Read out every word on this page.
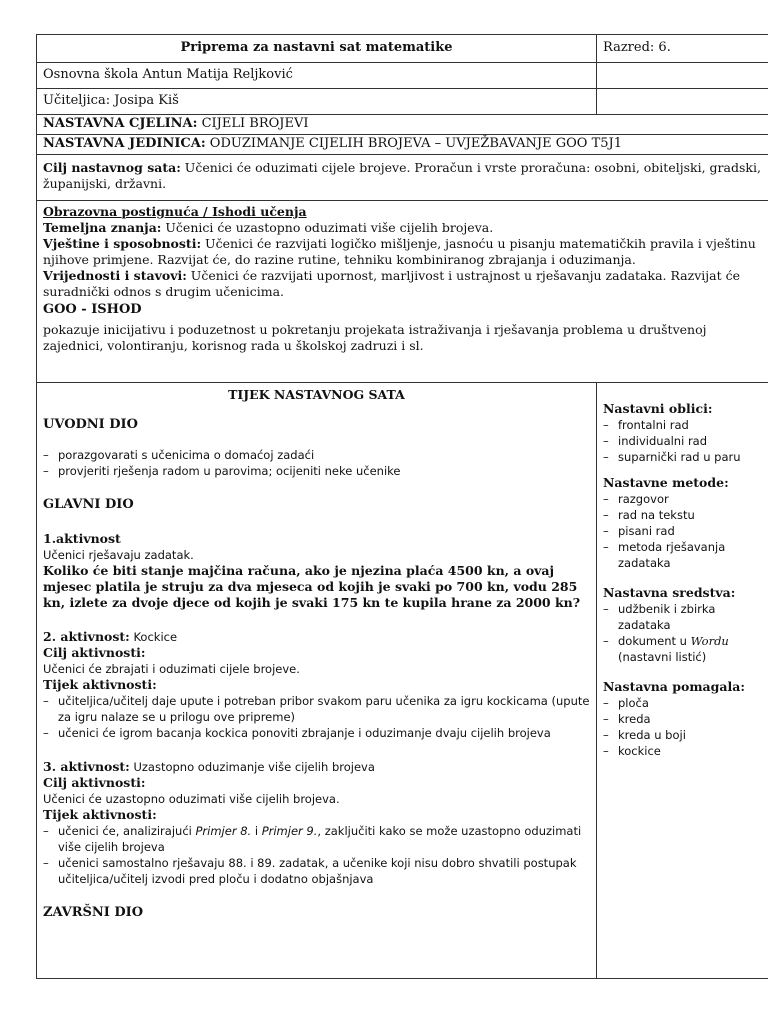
Priprema za nastavni sat matematike	Razred: 6.
Osnovna škola Antun Matija Reljković
Učiteljica: Josipa Kiš
NASTAVNA CJELINA: CIJELI BROJEVI
NASTAVNA JEDINICA: ODUZIMANJE CIJELIH BROJEVA – UVJEŽBAVANJE GOO T5J1
Cilj nastavnog sata: Učenici će oduzimati cijele brojeve. Proračun i vrste proračuna: osobni, obiteljski, gradski, županijski, državni.
Obrazovna postignuća / Ishodi učenja
Temeljna znanja: Učenici će uzastopno oduzimati više cijelih brojeva.
Vještine i sposobnosti: Učenici će razvijati logičko mišljenje, jasnoću u pisanju matematičkih pravila i vještinu njihove primjene. Razvijat će, do razine rutine, tehniku kombiniranog zbrajanja i oduzimanja.
Vrijednosti i stavovi: Učenici će razvijati upornost, marljivost i ustrajnost u rješavanju zadataka. Razvijat će suradnički odnos s drugim učenicima.
GOO - ISHOD
pokazuje inicijativu i poduzetnost u pokretanju projekata istraživanja i rješavanja problema u društvenoj zajednici, volontiranju, korisnog rada u školskoj zadruzi i sl.
TIJEK NASTAVNOG SATA
UVODNI DIO
– porazgovarati s učenicima o domaćoj zadaći
– provjeriti rješenja radom u parovima; ocijeniti neke učenike
GLAVNI DIO
1.aktivnost
Učenici rješavaju zadatak.
Koliko će biti stanje majčina računa, ako je njezina plaća 4500 kn, a ovaj mjesec platila je struju za dva mjeseca od kojih je svaki po 700 kn, vodu 285 kn, izlete za dvoje djece od kojih je svaki 175 kn te kupila hrane za 2000 kn?
2. aktivnost: Kockice
Cilj aktivnosti:
Učenici će zbrajati i oduzimati cijele brojeve.
Tijek aktivnosti:
– učiteljica/učitelj daje upute i potreban pribor svakom paru učenika za igru kockicama (upute za igru nalaze se u prilogu ove pripreme)
– učenici će igrom bacanja kockica ponoviti zbrajanje i oduzimanje dvaju cijelih brojeva
3. aktivnost: Uzastopno oduzimanje više cijelih brojeva
Cilj aktivnosti:
Učenici će uzastopno oduzimati više cijelih brojeva.
Tijek aktivnosti:
– učenici će, analizirajući Primjer 8. i Primjer 9., zaključiti kako se može uzastopno oduzimati više cijelih brojeva
– učenici samostalno rješavaju 88. i 89. zadatak, a učenike koji nisu dobro shvatili postupak učiteljica/učitelj izvodi pred ploču i dodatno objašnjava
ZAVRŠNI DIO
Nastavni oblici:
– frontalni rad
– individualni rad
– suparnički rad u paru
Nastavne metode:
– razgovor
– rad na tekstu
– pisani rad
– metoda rješavanja zadataka
Nastavna sredstva:
– udžbenik i zbirka zadataka
– dokument u Wordu (nastavni listić)
Nastavna pomagala:
– ploča
– kreda
– kreda u boji
– kockice
